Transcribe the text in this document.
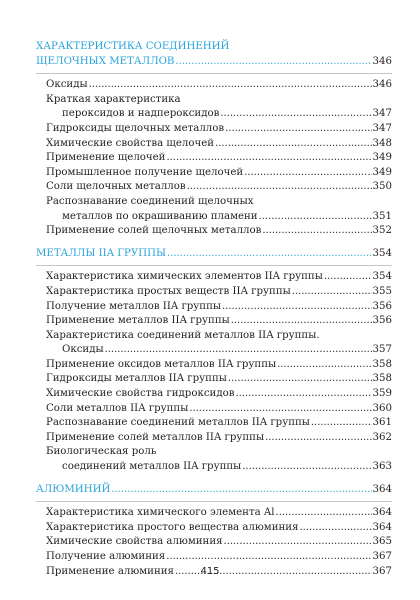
ХАРАКТЕРИСТИКА СОЕДИНЕНИЙ
ЩЕЛОЧНЫХ МЕТАЛЛОВ . . .	346
Оксиды . . .	346
Краткая характеристика
пероксидов и надпероксидов . . .	347
Гидроксиды щелочных металлов . . .	347
Химические свойства щелочей . . .	348
Применение щелочей . . .	349
Промышленное получение щелочей . . .	349
Соли щелочных металлов . . .	350
Распознавание соединений щелочных
металлов по окрашиванию пламени . . .	351
Применение солей щелочных металлов . . .	352
МЕТАЛЛЫ IIA ГРУППЫ . . .	354
Характеристика химических элементов IIA группы . . .	354
Характеристика простых веществ IIA группы . . .	355
Получение металлов IIA группы . . .	356
Применение металлов IIA группы . . .	356
Характеристика соединений металлов IIA группы.
Оксиды . . .	357
Применение оксидов металлов IIA группы . . .	358
Гидроксиды металлов IIA группы . . .	358
Химические свойства гидроксидов . . .	359
Соли металлов IIA группы . . .	360
Распознавание соединений металлов IIA группы . . .	361
Применение солей металлов IIA группы . . .	362
Биологическая роль
соединений металлов IIA группы . . .	363
АЛЮМИНИЙ . . .	364
Характеристика химического элемента Al . . .	364
Характеристика простого вещества алюминия . . .	364
Химические свойства алюминия . . .	365
Получение алюминия . . .	367
Применение алюминия . . .	367
415
